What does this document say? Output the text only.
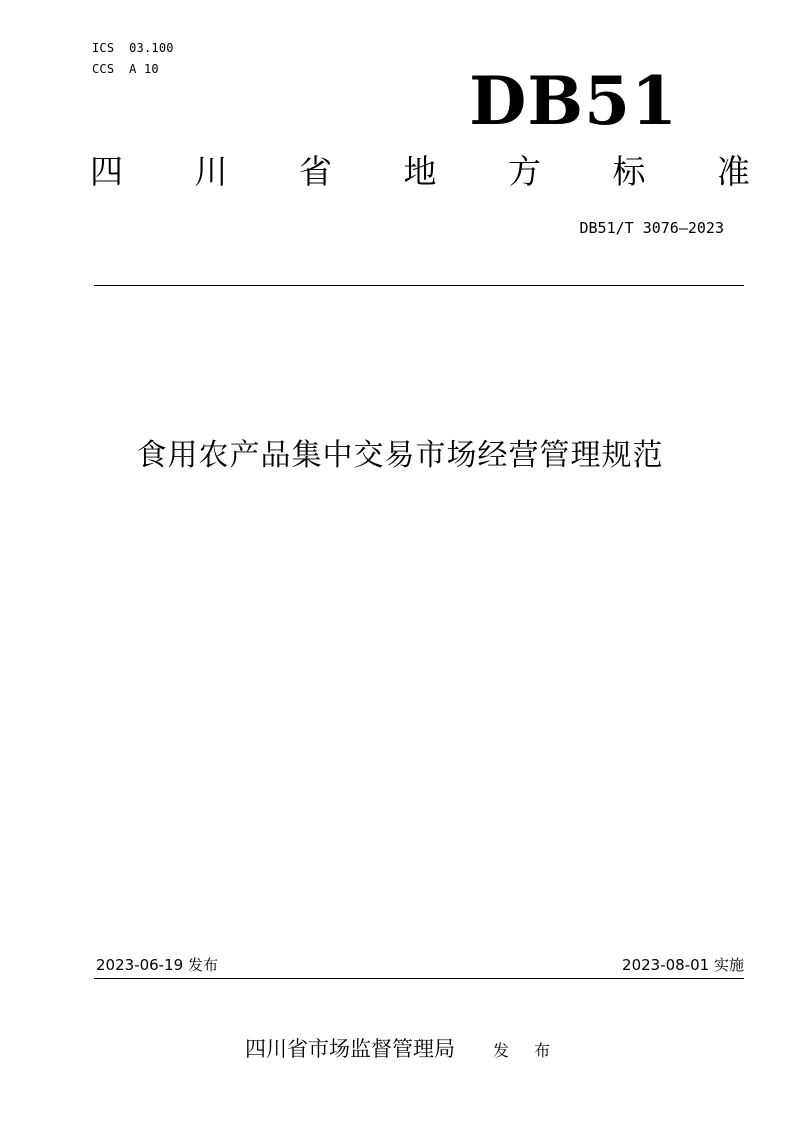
ICS  03.100
CCS  A 10	DB51
四 川 省 地 方 标 准
DB51/T 3076—2023
食用农产品集中交易市场经营管理规范
2023-06-19 发布	2023-08-01 实施
四川省市场监督管理局 发 布
